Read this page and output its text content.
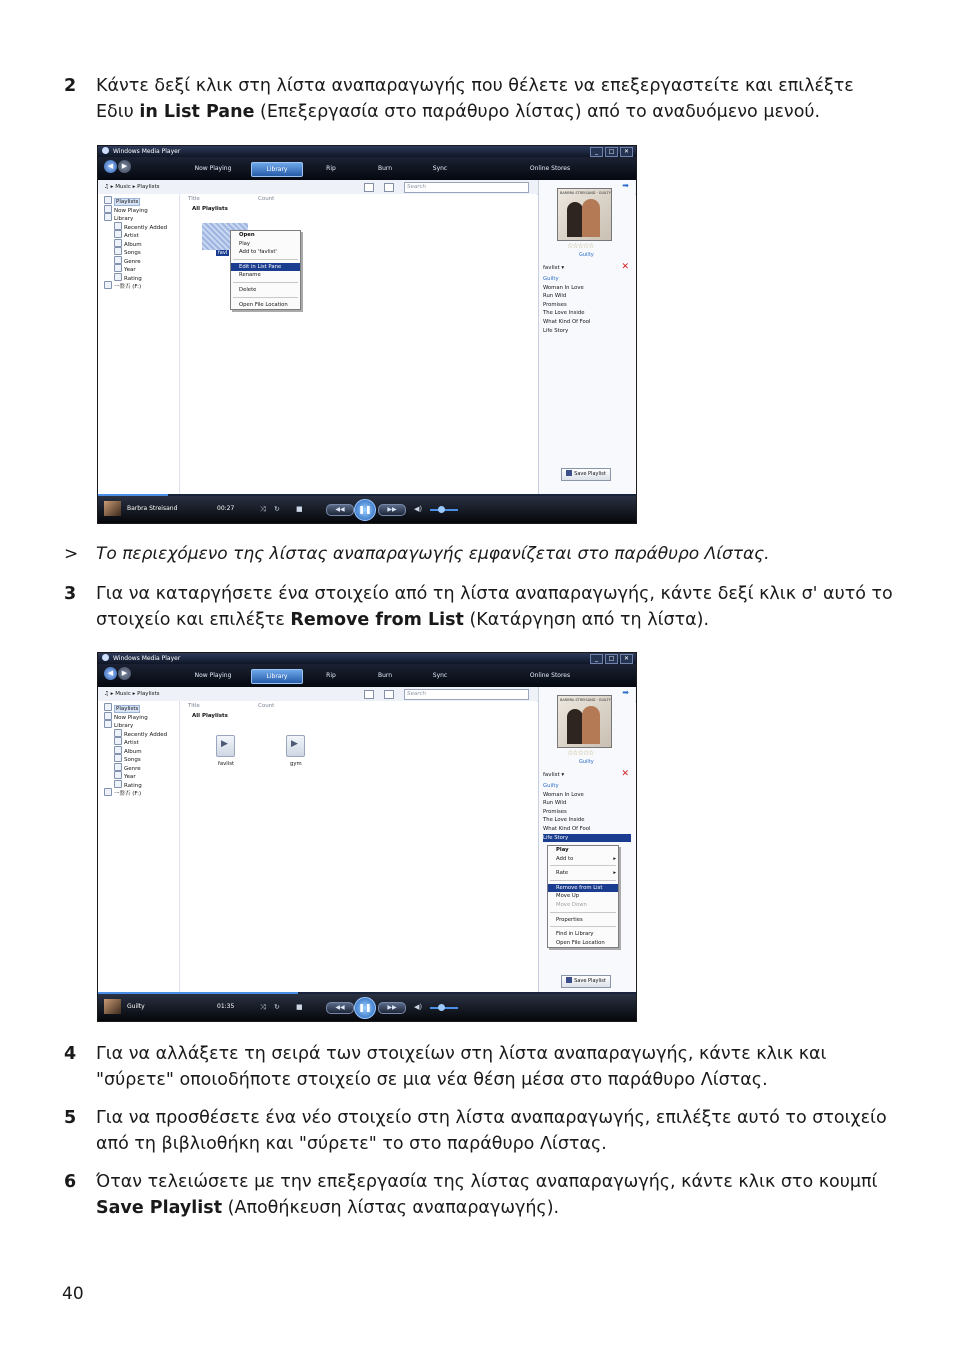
2 Κάντε δεξί κλικ στη λίστα αναπαραγωγής που θέλετε να επεξεργαστείτε και επιλέξτε Εδιυ in List Pane (Επεξεργασία στο παράθυρο λίστας) από το αναδυόμενο μενού.
Windows Media Player	_	□	✕
◀	▶	Now Playing	Library	Rip	Burn	Sync	Online Stores
♫ ▸ Music ▸ Playlists	Search
Playlists
Now Playing
Library
Recently Added
Artist
Album
Songs
Genre
Year
Rating
一盤否 (F:)
Title	Count
All Playlists
favl
Open
Play
Add to 'favlist'
Edit in List Pane
Rename
Delete
Open File Location
➡
BARBRA STREISAND · GUILTY
☆☆☆☆☆
Guilty
favlist ▾	✕
Guilty
Woman In Love
Run Wild
Promises
The Love Inside
What Kind Of Fool
Life Story
Save Playlist
Barbra Streisand	00:27	⤨ ↻ ■	◀◀	❚❚	▶▶	◀)
> Το περιεχόμενο της λίστας αναπαραγωγής εμφανίζεται στο παράθυρο Λίστας.
3 Για να καταργήσετε ένα στοιχείο από τη λίστα αναπαραγωγής, κάντε δεξί κλικ σ' αυτό το στοιχείο και επιλέξτε Remove from List (Κατάργηση από τη λίστα).
Windows Media Player	_	□	✕
◀	▶	Now Playing	Library	Rip	Burn	Sync	Online Stores
♫ ▸ Music ▸ Playlists	Search
Playlists
Now Playing
Library
Recently Added
Artist
Album
Songs
Genre
Year
Rating
一盤否 (F:)
Title	Count
All Playlists
▶
favlist
▶	gym
➡
BARBRA STREISAND · GUILTY
☆☆☆☆☆
Guilty
favlist ▾	✕
Guilty
Woman In Love
Run Wild
Promises
The Love Inside
What Kind Of Fool
Life Story
Play
Add to ▸
Rate ▸
Remove from List
Move Up
Move Down
Properties
Find in Library
Open File Location
Save Playlist
Guilty	01:35	⤨ ↻ ■	◀◀	❚❚	▶▶	◀)
4 Για να αλλάξετε τη σειρά των στοιχείων στη λίστα αναπαραγωγής, κάντε κλικ και "σύρετε" οποιοδήποτε στοιχείο σε μια νέα θέση μέσα στο παράθυρο Λίστας.
5 Για να προσθέσετε ένα νέο στοιχείο στη λίστα αναπαραγωγής, επιλέξτε αυτό το στοιχείο από τη βιβλιοθήκη και "σύρετε" το στο παράθυρο Λίστας.
6 Όταν τελειώσετε με την επεξεργασία της λίστας αναπαραγωγής, κάντε κλικ στο κουμπί Save Playlist (Αποθήκευση λίστας αναπαραγωγής).
40
